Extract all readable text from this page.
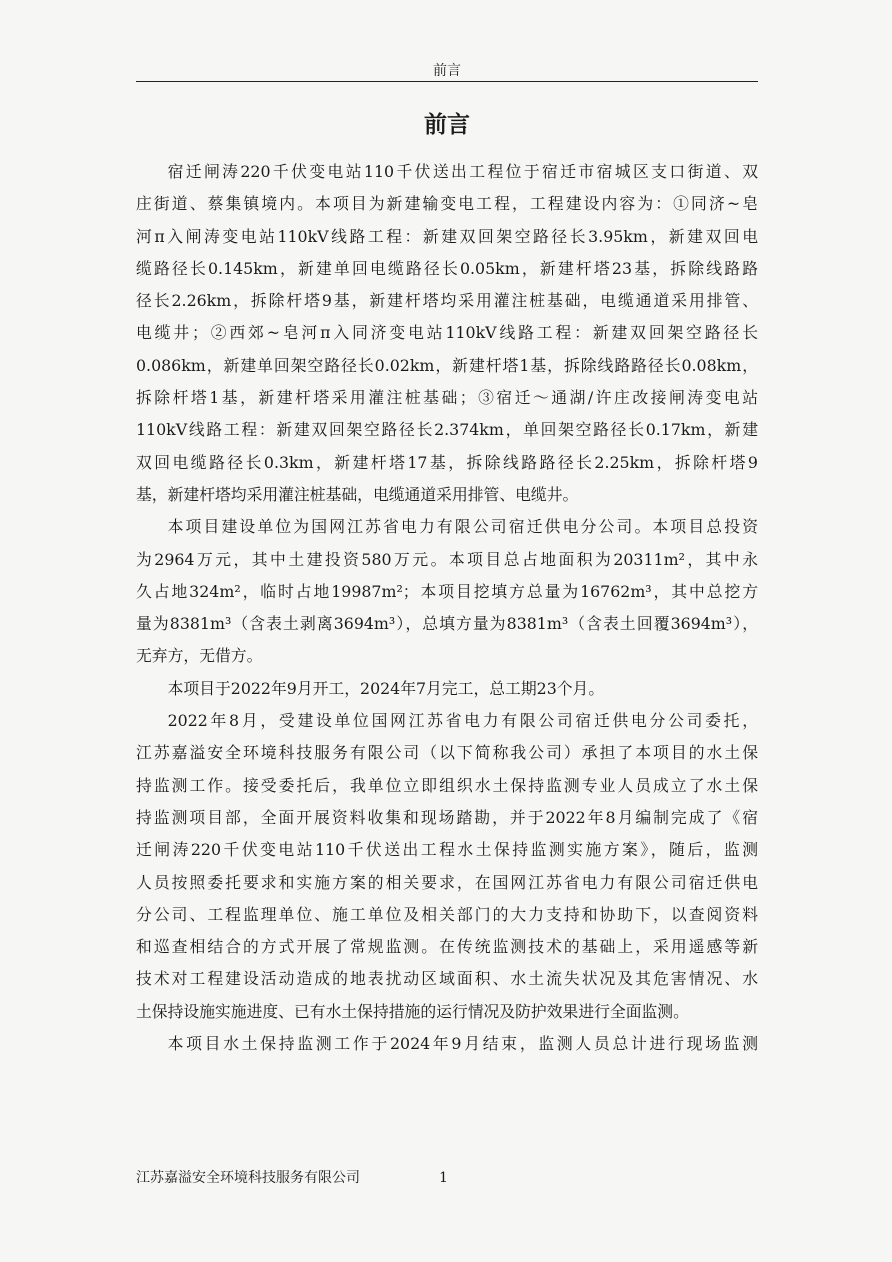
前言
前言
宿迁闸涛220千伏变电站110千伏送出工程位于宿迁市宿城区支口街道、双
庄街道、蔡集镇境内。本项目为新建输变电工程，工程建设内容为：①同济~皂
河π入闸涛变电站110kV线路工程：新建双回架空路径长3.95km，新建双回电
缆路径长0.145km，新建单回电缆路径长0.05km，新建杆塔23基，拆除线路路
径长2.26km，拆除杆塔9基，新建杆塔均采用灌注桩基础，电缆通道采用排管、
电缆井；②西郊~皂河π入同济变电站110kV线路工程：新建双回架空路径长
0.086km，新建单回架空路径长0.02km，新建杆塔1基，拆除线路路径长0.08km，
拆除杆塔1基，新建杆塔采用灌注桩基础；③宿迁～通湖/许庄改接闸涛变电站
110kV线路工程：新建双回架空路径长2.374km，单回架空路径长0.17km，新建
双回电缆路径长0.3km，新建杆塔17基，拆除线路路径长2.25km，拆除杆塔9
基，新建杆塔均采用灌注桩基础，电缆通道采用排管、电缆井。
本项目建设单位为国网江苏省电力有限公司宿迁供电分公司。本项目总投资
为2964万元，其中土建投资580万元。本项目总占地面积为20311m²，其中永
久占地324m²，临时占地19987m²；本项目挖填方总量为16762m³，其中总挖方
量为8381m³（含表土剥离3694m³），总填方量为8381m³（含表土回覆3694m³），
无弃方，无借方。
本项目于2022年9月开工，2024年7月完工，总工期23个月。
2022年8月，受建设单位国网江苏省电力有限公司宿迁供电分公司委托，
江苏嘉溢安全环境科技服务有限公司（以下简称我公司）承担了本项目的水土保
持监测工作。接受委托后，我单位立即组织水土保持监测专业人员成立了水土保
持监测项目部，全面开展资料收集和现场踏勘，并于2022年8月编制完成了《宿
迁闸涛220千伏变电站110千伏送出工程水土保持监测实施方案》，随后，监测
人员按照委托要求和实施方案的相关要求，在国网江苏省电力有限公司宿迁供电
分公司、工程监理单位、施工单位及相关部门的大力支持和协助下，以查阅资料
和巡查相结合的方式开展了常规监测。在传统监测技术的基础上，采用遥感等新
技术对工程建设活动造成的地表扰动区域面积、水土流失状况及其危害情况、水
土保持设施实施进度、已有水土保持措施的运行情况及防护效果进行全面监测。
本项目水土保持监测工作于2024年9月结束，监测人员总计进行现场监测
江苏嘉溢安全环境科技服务有限公司	1
